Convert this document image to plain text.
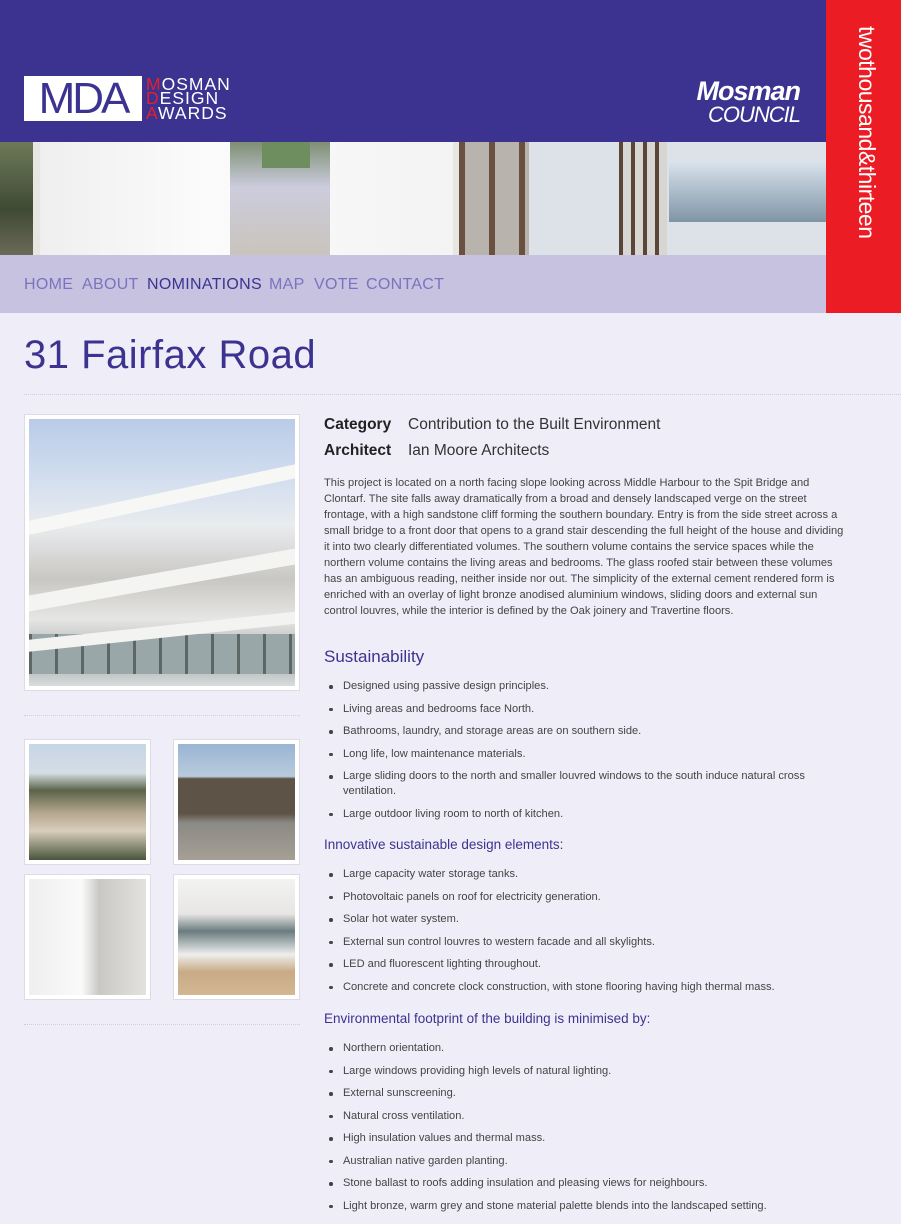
MDA	MOSMAN
DESIGN
AWARDS
Mosman
COUNCIL twothousand&thirteen
HOME ABOUT NOMINATIONS MAP VOTE CONTACT
31 Fairfax Road
Category Contribution to the Built Environment
Architect Ian Moore Architects

This project is located on a north facing slope looking across Middle Harbour to the Spit Bridge and Clontarf. The site falls away dramatically from a broad and densely landscaped verge on the street frontage, with a high sandstone cliff forming the southern boundary. Entry is from the side street across a small bridge to a front door that opens to a grand stair descending the full height of the house and dividing it into two clearly differentiated volumes. The southern volume contains the service spaces while the northern volume contains the living areas and bedrooms. The glass roofed stair between these volumes has an ambiguous reading, neither inside nor out. The simplicity of the external cement rendered form is enriched with an overlay of light bronze anodised aluminium windows, sliding doors and external sun control louvres, while the interior is defined by the Oak joinery and Travertine floors.

Sustainability
Designed using passive design principles.
Living areas and bedrooms face North.
Bathrooms, laundry, and storage areas are on southern side.
Long life, low maintenance materials.
Large sliding doors to the north and smaller louvred windows to the south induce natural cross ventilation.
Large outdoor living room to north of kitchen.
Innovative sustainable design elements:
Large capacity water storage tanks.
Photovoltaic panels on roof for electricity generation.
Solar hot water system.
External sun control louvres to western facade and all skylights.
LED and fluorescent lighting throughout.
Concrete and concrete clock construction, with stone flooring having high thermal mass.
Environmental footprint of the building is minimised by:
Northern orientation.
Large windows providing high levels of natural lighting.
External sunscreening.
Natural cross ventilation.
High insulation values and thermal mass.
Australian native garden planting.
Stone ballast to roofs adding insulation and pleasing views for neighbours.
Light bronze, warm grey and stone material palette blends into the landscaped setting.
